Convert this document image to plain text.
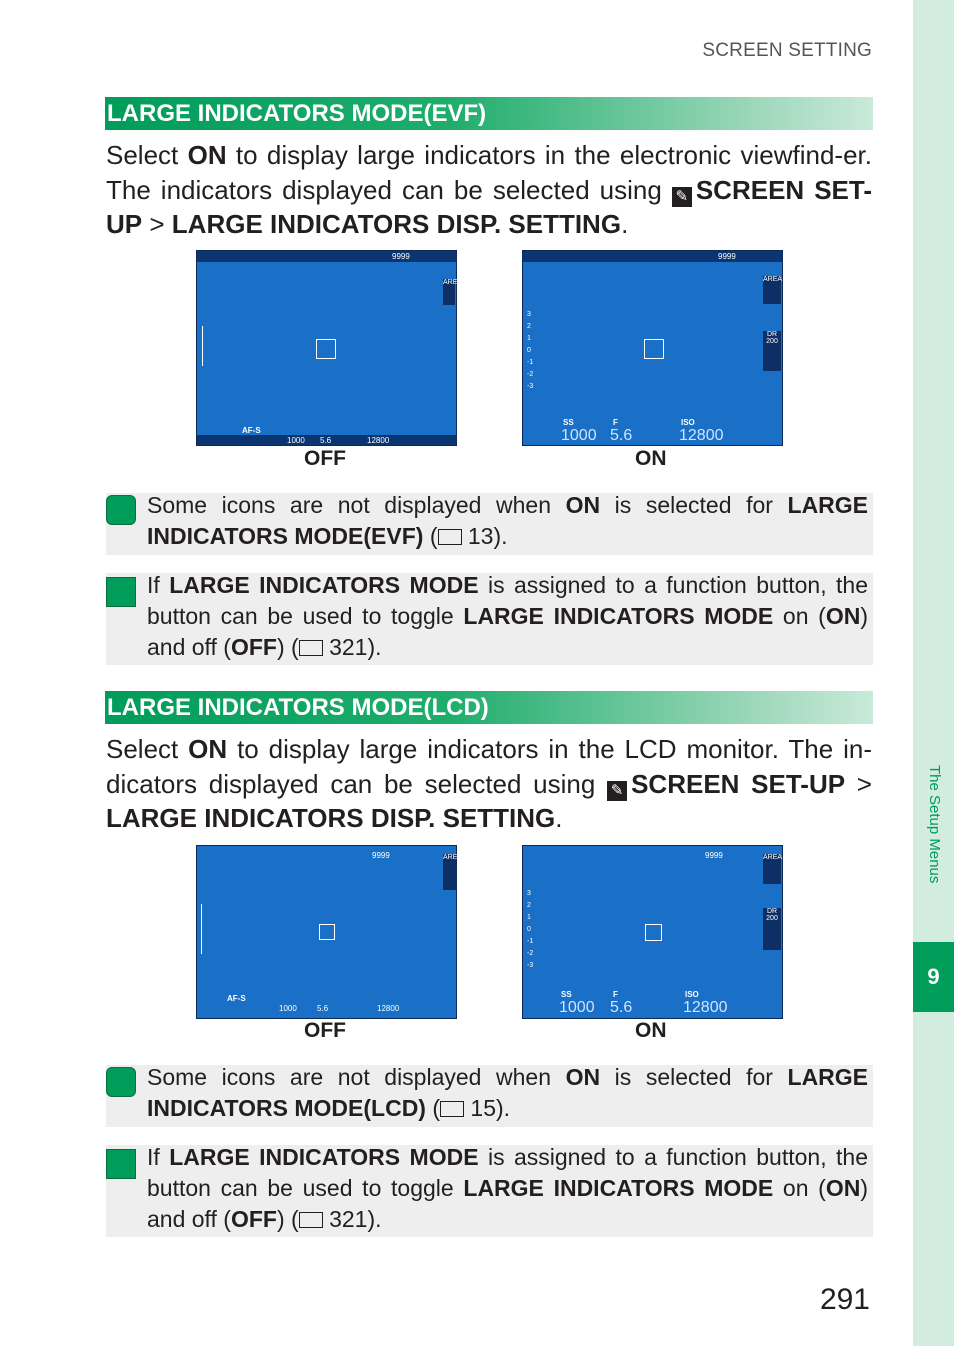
SCREEN SETTING
The Setup Menus
9
LARGE INDICATORS MODE(EVF)
Select ON to display large indicators in the electronic viewfind-er. The indicators displayed can be selected using ✎ SCREEN SET-UP > LARGE INDICATORS DISP. SETTING.
9999
AREA
AF-S
1000 5.6	12800
OFF
9999
AREA
DR
200
3
2
1
0
-1
-2
-3
SS	F	ISO
1000 5.6	12800
ON
Some icons are not displayed when ON is selected for LARGE INDICATORS MODE(EVF) ( 13).
If LARGE INDICATORS MODE is assigned to a function button, the button can be used to toggle LARGE INDICATORS MODE on (ON) and off (OFF) ( 321).
LARGE INDICATORS MODE(LCD)
Select ON to display large indicators in the LCD monitor. The in-dicators displayed can be selected using ✎ SCREEN SET-UP > LARGE INDICATORS DISP. SETTING.
9999	AREA
AF-S
1000	5.6	12800
OFF
9999	AREA
DR
200
3
2
1
0
-1
-2
-3
SS	F	ISO
1000 5.6	12800
ON
Some icons are not displayed when ON is selected for LARGE INDICATORS MODE(LCD) ( 15).
If LARGE INDICATORS MODE is assigned to a function button, the button can be used to toggle LARGE INDICATORS MODE on (ON) and off (OFF) ( 321).
291
